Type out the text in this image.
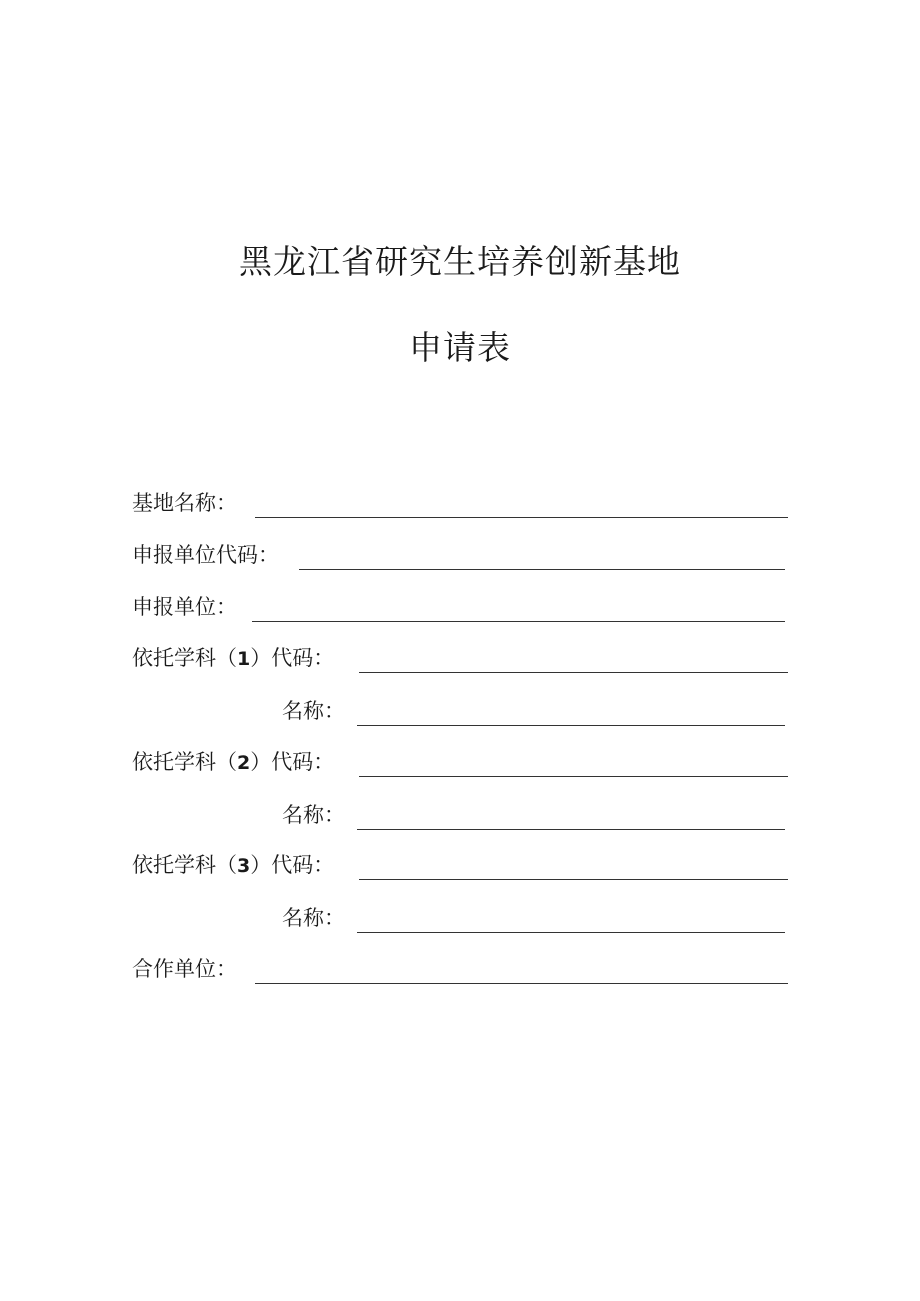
黑龙江省研究生培养创新基地
申请表
基地名称：
申报单位代码：
申报单位：
依托学科（1）代码：
名称：
依托学科（2）代码：
名称：
依托学科（3）代码：
名称：
合作单位：
